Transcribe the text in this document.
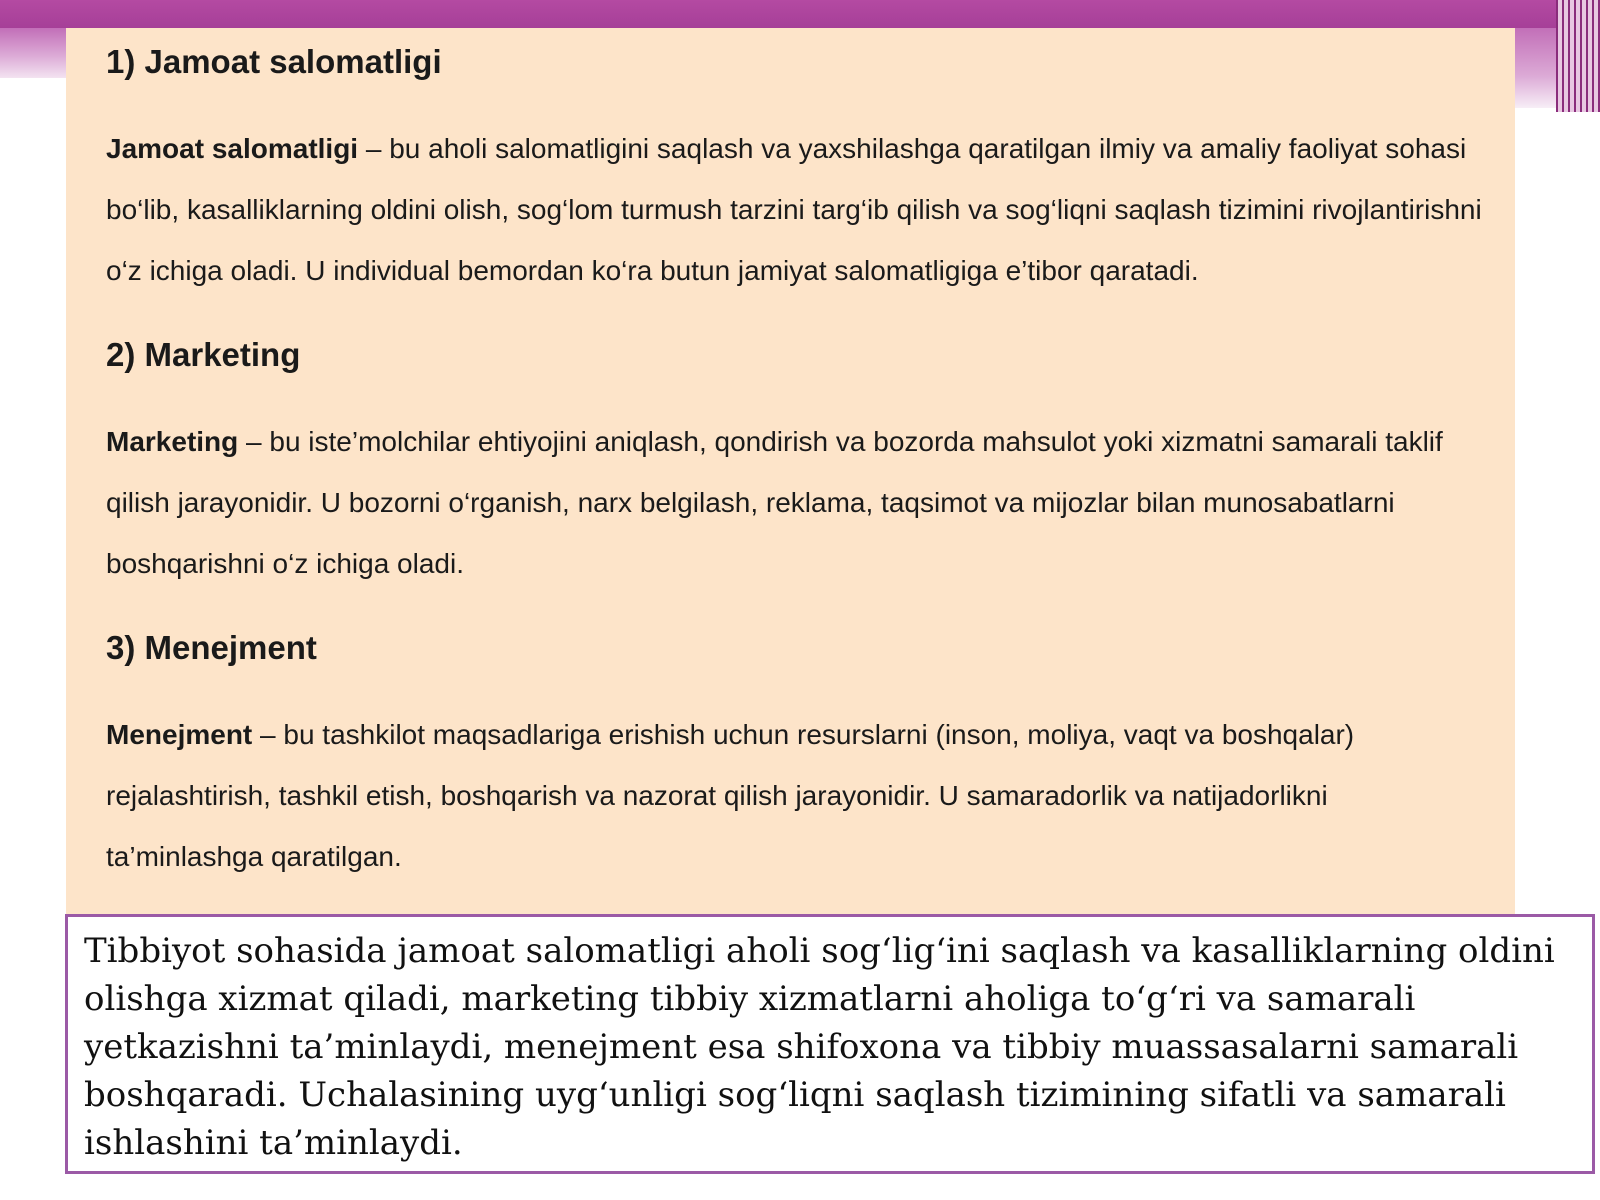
1) Jamoat salomatligi

Jamoat salomatligi – bu aholi salomatligini saqlash va yaxshilashga qaratilgan ilmiy va amaliy faoliyat sohasi bo‘lib, kasalliklarning oldini olish, sog‘lom turmush tarzini targ‘ib qilish va sog‘liqni saqlash tizimini rivojlantirishni o‘z ichiga oladi. U individual bemordan ko‘ra butun jamiyat salomatligiga e’tibor qaratadi.

2) Marketing

Marketing – bu iste’molchilar ehtiyojini aniqlash, qondirish va bozorda mahsulot yoki xizmatni samarali taklif qilish jarayonidir. U bozorni o‘rganish, narx belgilash, reklama, taqsimot va mijozlar bilan munosabatlarni boshqarishni o‘z ichiga oladi.

3) Menejment

Menejment – bu tashkilot maqsadlariga erishish uchun resurslarni (inson, moliya, vaqt va boshqalar) rejalashtirish, tashkil etish, boshqarish va nazorat qilish jarayonidir. U samaradorlik va natijadorlikni ta’minlashga qaratilgan.

Tibbiyot sohasida jamoat salomatligi aholi sog‘lig‘ini saqlash va kasalliklarning oldini olishga xizmat qiladi, marketing tibbiy xizmatlarni aholiga to‘g‘ri va samarali yetkazishni ta’minlaydi, menejment esa shifoxona va tibbiy muassasalarni samarali boshqaradi. Uchalasining uyg‘unligi sog‘liqni saqlash tizimining sifatli va samarali ishlashini ta’minlaydi.
